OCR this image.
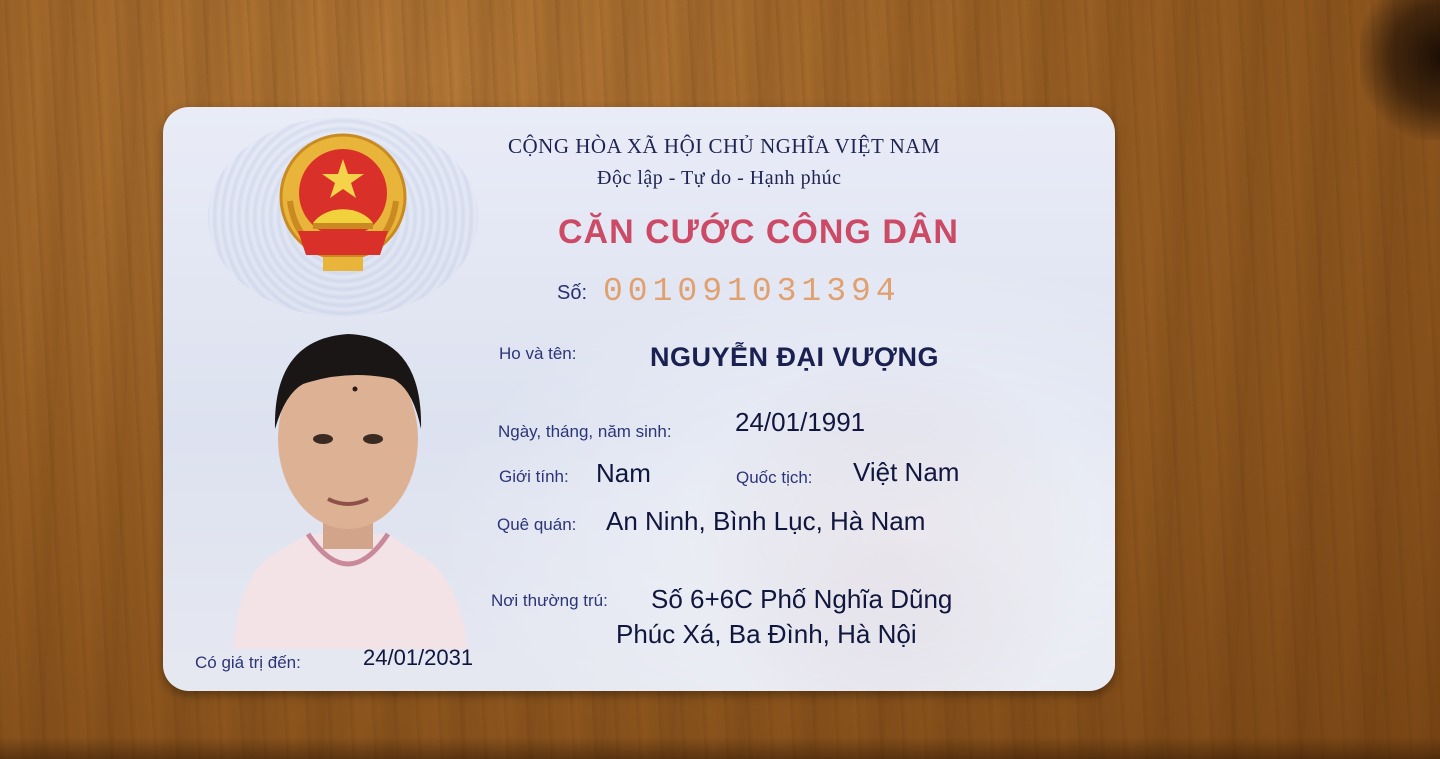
CỘNG HÒA XÃ HỘI CHỦ NGHĨA VIỆT NAM
Độc lập - Tự do - Hạnh phúc
CĂN CƯỚC CÔNG DÂN
Số: 001091031394
Ho và tên:	NGUYỄN ĐẠI VƯỢNG
Ngày, tháng, năm sinh: 24/01/1991
Giới tính: Nam	Quốc tịch: Việt Nam
Quê quán: An Ninh, Bình Lục, Hà Nam
Nơi thường trú: Số 6+6C Phố Nghĩa Dũng
Phúc Xá, Ba Đình, Hà Nội
Có giá trị đến:	24/01/2031
